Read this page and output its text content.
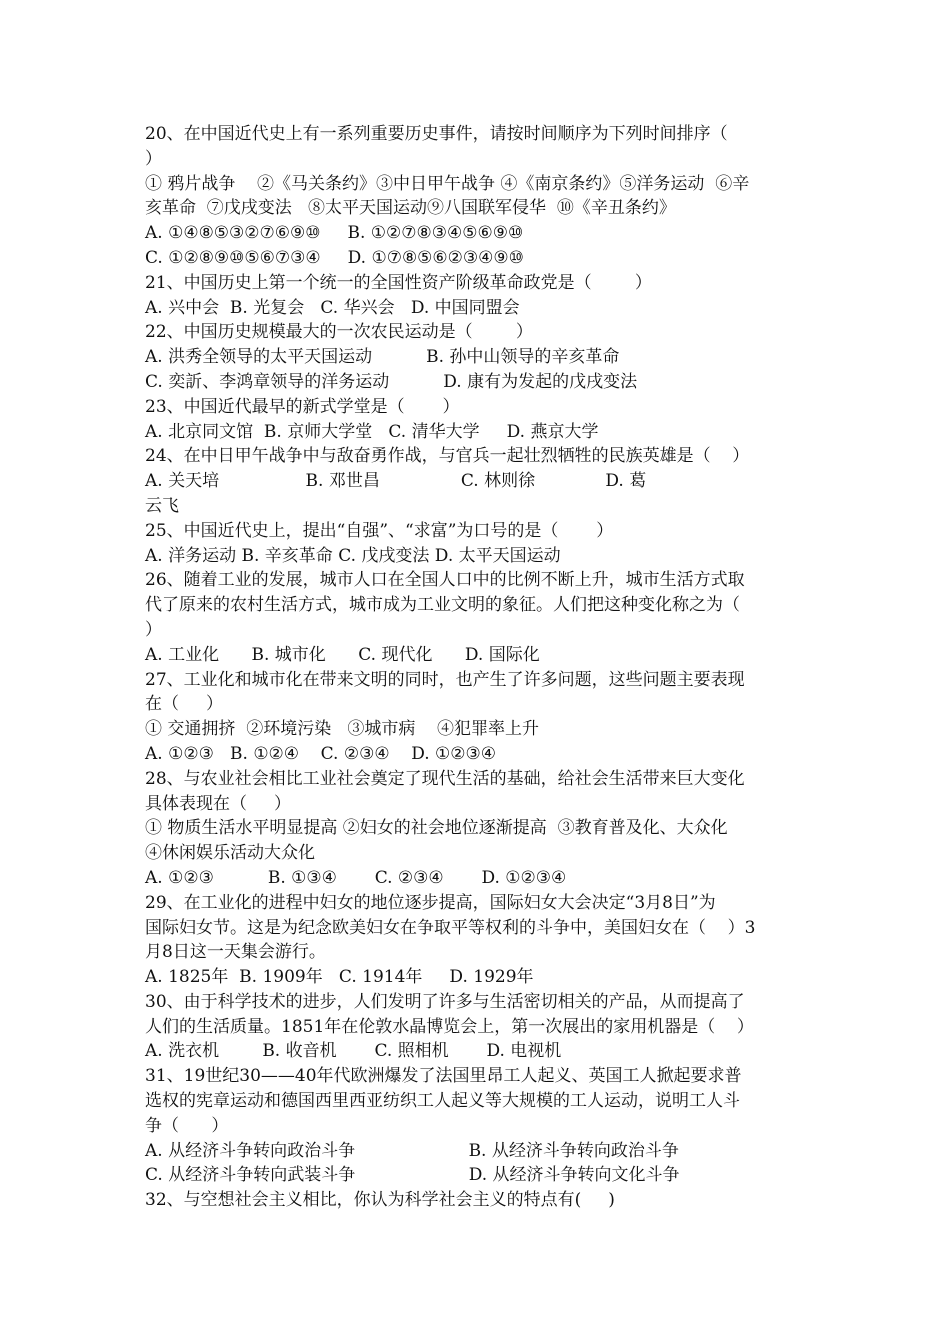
20、在中国近代史上有一系列重要历史事件，请按时间顺序为下列时间排序（
）
① 鸦片战争    ②《马关条约》③中日甲午战争 ④《南京条约》⑤洋务运动  ⑥辛
亥革命  ⑦戊戌变法   ⑧太平天国运动⑨八国联军侵华  ⑩《辛丑条约》
A. ①④⑧⑤③②⑦⑥⑨⑩     B. ①②⑦⑧③④⑤⑥⑨⑩
C. ①②⑧⑨⑩⑤⑥⑦③④     D. ①⑦⑧⑤⑥②③④⑨⑩
21、中国历史上第一个统一的全国性资产阶级革命政党是（        ）
A. 兴中会  B. 光复会   C. 华兴会   D. 中国同盟会
22、中国历史规模最大的一次农民运动是（        ）
A. 洪秀全领导的太平天国运动          B. 孙中山领导的辛亥革命
C. 奕訢、李鸿章领导的洋务运动          D. 康有为发起的戊戌变法
23、中国近代最早的新式学堂是（       ）
A. 北京同文馆  B. 京师大学堂   C. 清华大学     D. 燕京大学
24、在中日甲午战争中与敌奋勇作战，与官兵一起壮烈牺牲的民族英雄是（    ）
A. 关天培                B. 邓世昌               C. 林则徐             D. 葛
云飞
25、中国近代史上，提出“自强”、“求富”为口号的是（       ）
A. 洋务运动 B. 辛亥革命 C. 戊戌变法 D. 太平天国运动
26、随着工业的发展，城市人口在全国人口中的比例不断上升，城市生活方式取
代了原来的农村生活方式，城市成为工业文明的象征。人们把这种变化称之为（
）
A. 工业化      B. 城市化      C. 现代化      D. 国际化
27、工业化和城市化在带来文明的同时，也产生了许多问题，这些问题主要表现
在（     ）
① 交通拥挤  ②环境污染   ③城市病    ④犯罪率上升
A. ①②③   B. ①②④    C. ②③④    D. ①②③④
28、与农业社会相比工业社会奠定了现代生活的基础，给社会生活带来巨大变化
具体表现在（     ）
① 物质生活水平明显提高 ②妇女的社会地位逐渐提高  ③教育普及化、大众化
④休闲娱乐活动大众化
A. ①②③          B. ①③④       C. ②③④       D. ①②③④
29、在工业化的进程中妇女的地位逐步提高，国际妇女大会决定“3月8日”为
国际妇女节。这是为纪念欧美妇女在争取平等权利的斗争中，美国妇女在（    ）3
月8日这一天集会游行。
A. 1825年  B. 1909年   C. 1914年     D. 1929年
30、由于科学技术的进步，人们发明了许多与生活密切相关的产品，从而提高了
人们的生活质量。1851年在伦敦水晶博览会上，第一次展出的家用机器是（    ）
A. 洗衣机        B. 收音机       C. 照相机       D. 电视机
31、19世纪30——40年代欧洲爆发了法国里昂工人起义、英国工人掀起要求普
选权的宪章运动和德国西里西亚纺织工人起义等大规模的工人运动，说明工人斗
争（      ）
A. 从经济斗争转向政治斗争                     B. 从经济斗争转向政治斗争
C. 从经济斗争转向武装斗争                     D. 从经济斗争转向文化斗争
32、与空想社会主义相比，你认为科学社会主义的特点有(     )
